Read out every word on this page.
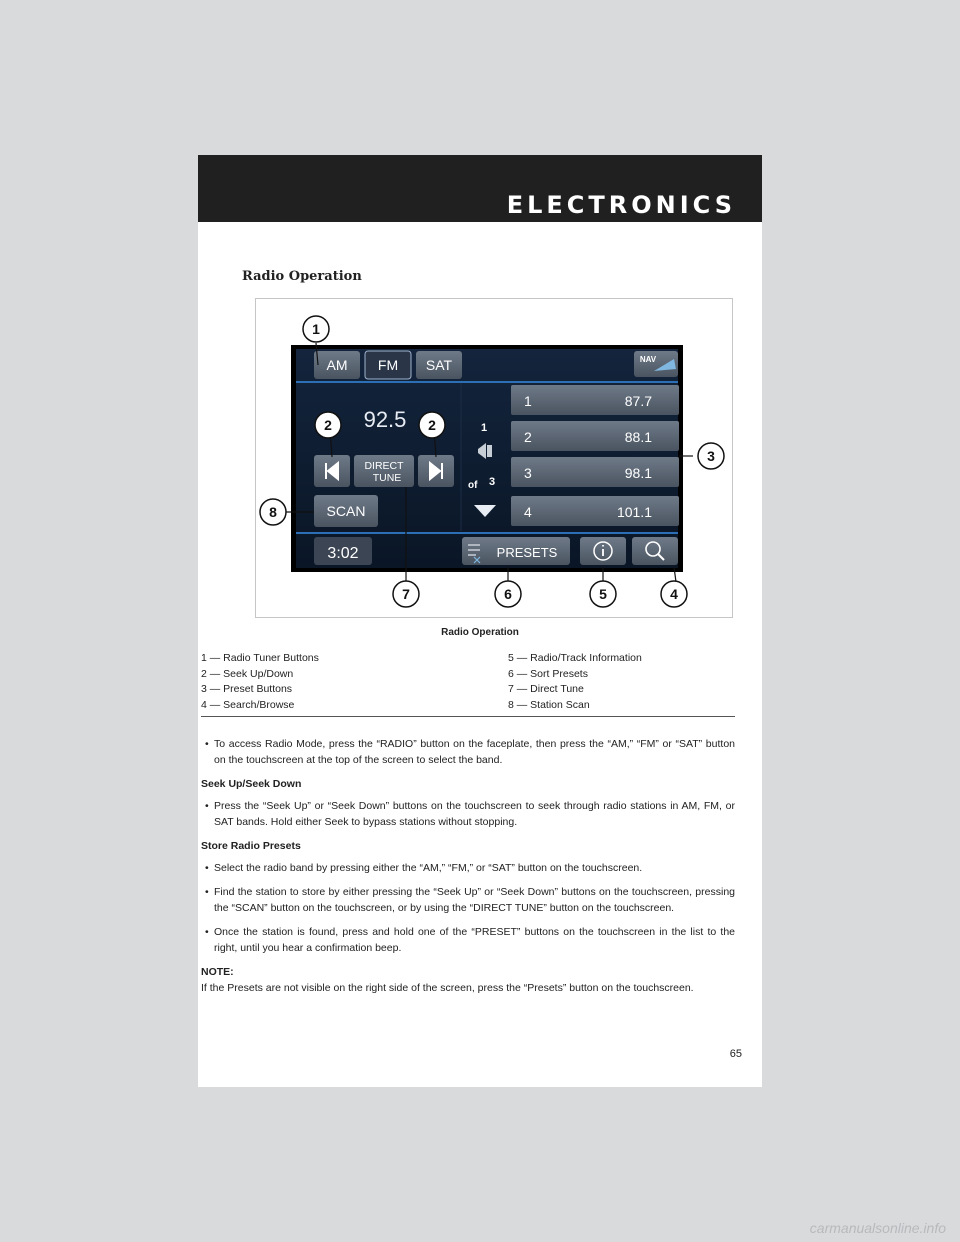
ELECTRONICS
Radio Operation
AM FM SAT	NAV
92.5
DIRECT
TUNE
SCAN
1
of 3
1	87.7
2	88.1
3	98.1
4	101.1
3:02	PRESETS
1
2	2
3
4
5
6
7
8
Radio Operation
1 — Radio Tuner Buttons
2 — Seek Up/Down
3 — Preset Buttons
4 — Search/Browse
5 — Radio/Track Information
6 — Sort Presets
7 — Direct Tune
8 — Station Scan

• To access Radio Mode, press the “RADIO” button on the faceplate, then press the “AM,” “FM” or “SAT” button on the touchscreen at the top of the screen to select the band.

Seek Up/Seek Down

• Press the “Seek Up” or “Seek Down” buttons on the touchscreen to seek through radio stations in AM, FM, or SAT bands. Hold either Seek to bypass stations without stopping.

Store Radio Presets

• Select the radio band by pressing either the “AM,” “FM,” or “SAT” button on the touchscreen.

• Find the station to store by either pressing the “Seek Up” or “Seek Down” buttons on the touchscreen, pressing the “SCAN” button on the touchscreen, or by using the “DIRECT TUNE” button on the touchscreen.

• Once the station is found, press and hold one of the “PRESET” buttons on the touchscreen in the list to the right, until you hear a confirmation beep.

NOTE:

If the Presets are not visible on the right side of the screen, press the “Presets” button on the touchscreen.

65
carmanualsonline.info
